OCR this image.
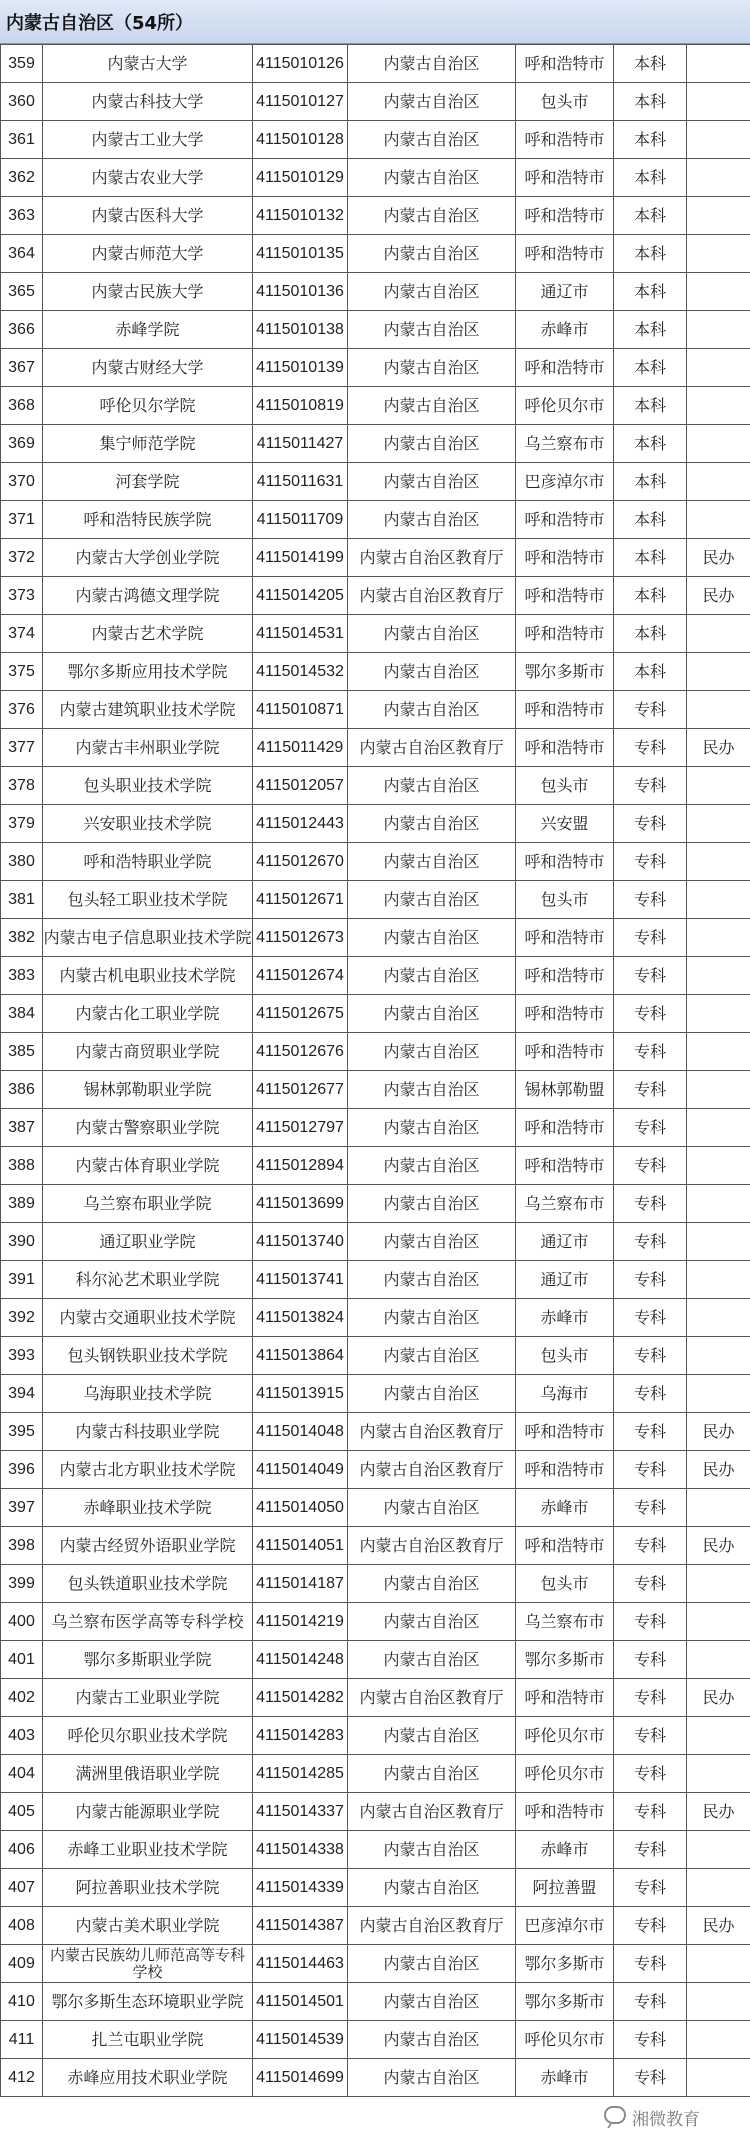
内蒙古自治区（54所）
359	内蒙古大学	4115010126	内蒙古自治区	呼和浩特市	本科	
360	内蒙古科技大学	4115010127	内蒙古自治区	包头市	本科	
361	内蒙古工业大学	4115010128	内蒙古自治区	呼和浩特市	本科	
362	内蒙古农业大学	4115010129	内蒙古自治区	呼和浩特市	本科	
363	内蒙古医科大学	4115010132	内蒙古自治区	呼和浩特市	本科	
364	内蒙古师范大学	4115010135	内蒙古自治区	呼和浩特市	本科	
365	内蒙古民族大学	4115010136	内蒙古自治区	通辽市	本科	
366	赤峰学院	4115010138	内蒙古自治区	赤峰市	本科	
367	内蒙古财经大学	4115010139	内蒙古自治区	呼和浩特市	本科	
368	呼伦贝尔学院	4115010819	内蒙古自治区	呼伦贝尔市	本科	
369	集宁师范学院	4115011427	内蒙古自治区	乌兰察布市	本科	
370	河套学院	4115011631	内蒙古自治区	巴彦淖尔市	本科	
371	呼和浩特民族学院	4115011709	内蒙古自治区	呼和浩特市	本科	
372	内蒙古大学创业学院	4115014199	内蒙古自治区教育厅	呼和浩特市	本科	民办
373	内蒙古鸿德文理学院	4115014205	内蒙古自治区教育厅	呼和浩特市	本科	民办
374	内蒙古艺术学院	4115014531	内蒙古自治区	呼和浩特市	本科	
375	鄂尔多斯应用技术学院	4115014532	内蒙古自治区	鄂尔多斯市	本科	
376	内蒙古建筑职业技术学院	4115010871	内蒙古自治区	呼和浩特市	专科	
377	内蒙古丰州职业学院	4115011429	内蒙古自治区教育厅	呼和浩特市	专科	民办
378	包头职业技术学院	4115012057	内蒙古自治区	包头市	专科	
379	兴安职业技术学院	4115012443	内蒙古自治区	兴安盟	专科	
380	呼和浩特职业学院	4115012670	内蒙古自治区	呼和浩特市	专科	
381	包头轻工职业技术学院	4115012671	内蒙古自治区	包头市	专科	
382	内蒙古电子信息职业技术学院	4115012673	内蒙古自治区	呼和浩特市	专科	
383	内蒙古机电职业技术学院	4115012674	内蒙古自治区	呼和浩特市	专科	
384	内蒙古化工职业学院	4115012675	内蒙古自治区	呼和浩特市	专科	
385	内蒙古商贸职业学院	4115012676	内蒙古自治区	呼和浩特市	专科	
386	锡林郭勒职业学院	4115012677	内蒙古自治区	锡林郭勒盟	专科	
387	内蒙古警察职业学院	4115012797	内蒙古自治区	呼和浩特市	专科	
388	内蒙古体育职业学院	4115012894	内蒙古自治区	呼和浩特市	专科	
389	乌兰察布职业学院	4115013699	内蒙古自治区	乌兰察布市	专科	
390	通辽职业学院	4115013740	内蒙古自治区	通辽市	专科	
391	科尔沁艺术职业学院	4115013741	内蒙古自治区	通辽市	专科	
392	内蒙古交通职业技术学院	4115013824	内蒙古自治区	赤峰市	专科	
393	包头钢铁职业技术学院	4115013864	内蒙古自治区	包头市	专科	
394	乌海职业技术学院	4115013915	内蒙古自治区	乌海市	专科	
395	内蒙古科技职业学院	4115014048	内蒙古自治区教育厅	呼和浩特市	专科	民办
396	内蒙古北方职业技术学院	4115014049	内蒙古自治区教育厅	呼和浩特市	专科	民办
397	赤峰职业技术学院	4115014050	内蒙古自治区	赤峰市	专科	
398	内蒙古经贸外语职业学院	4115014051	内蒙古自治区教育厅	呼和浩特市	专科	民办
399	包头铁道职业技术学院	4115014187	内蒙古自治区	包头市	专科	
400	乌兰察布医学高等专科学校	4115014219	内蒙古自治区	乌兰察布市	专科	
401	鄂尔多斯职业学院	4115014248	内蒙古自治区	鄂尔多斯市	专科	
402	内蒙古工业职业学院	4115014282	内蒙古自治区教育厅	呼和浩特市	专科	民办
403	呼伦贝尔职业技术学院	4115014283	内蒙古自治区	呼伦贝尔市	专科	
404	满洲里俄语职业学院	4115014285	内蒙古自治区	呼伦贝尔市	专科	
405	内蒙古能源职业学院	4115014337	内蒙古自治区教育厅	呼和浩特市	专科	民办
406	赤峰工业职业技术学院	4115014338	内蒙古自治区	赤峰市	专科	
407	阿拉善职业技术学院	4115014339	内蒙古自治区	阿拉善盟	专科	
408	内蒙古美术职业学院	4115014387	内蒙古自治区教育厅	巴彦淖尔市	专科	民办
409	内蒙古民族幼儿师范高等专科学校	4115014463	内蒙古自治区	鄂尔多斯市	专科	
410	鄂尔多斯生态环境职业学院	4115014501	内蒙古自治区	鄂尔多斯市	专科	
411	扎兰屯职业学院	4115014539	内蒙古自治区	呼伦贝尔市	专科	
412	赤峰应用技术职业学院	4115014699	内蒙古自治区	赤峰市	专科	
湘微教育
